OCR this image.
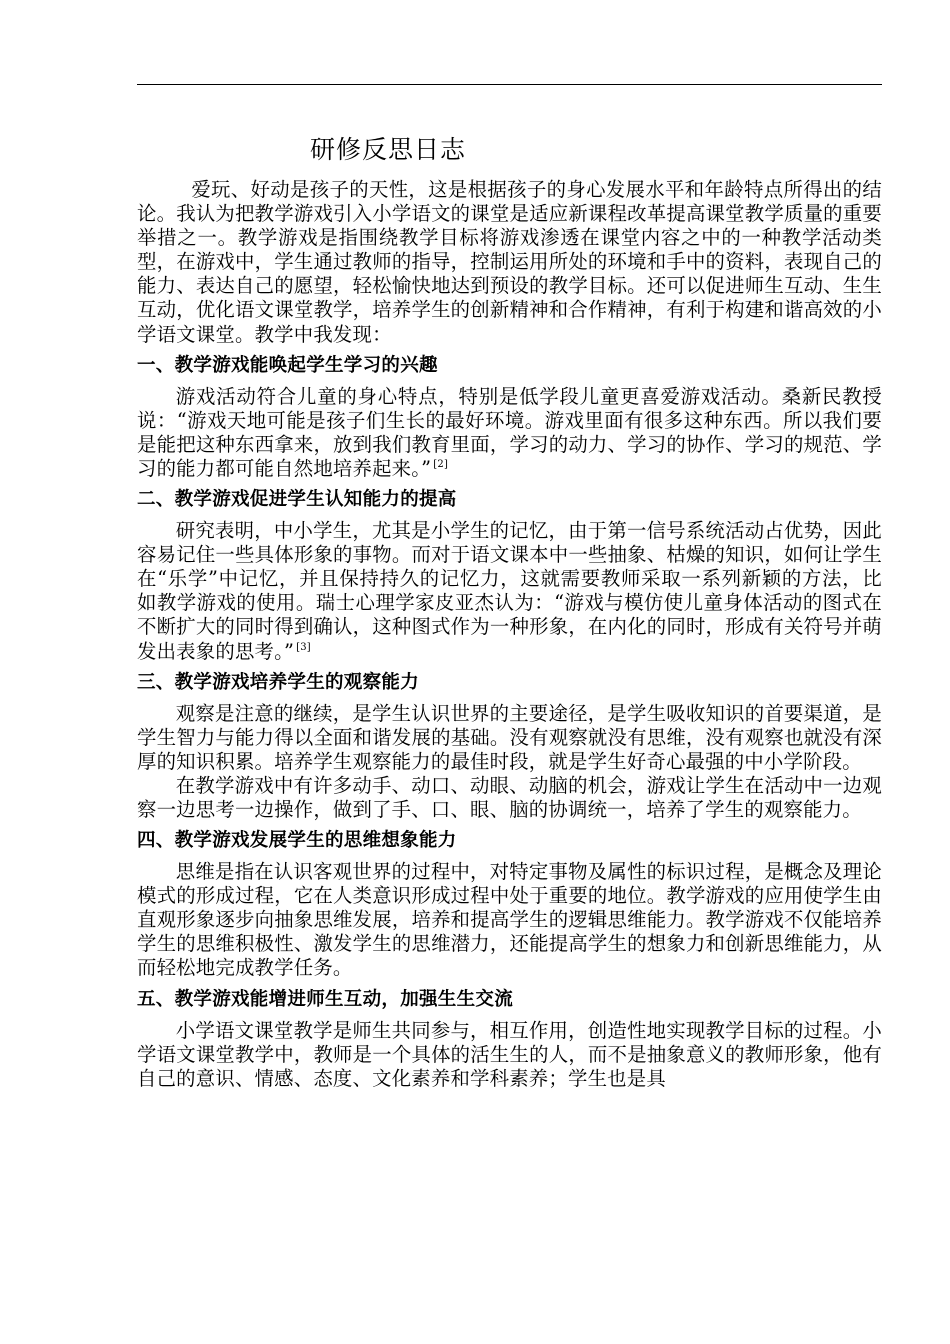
研修反思日志

爱玩、好动是孩子的天性，这是根据孩子的身心发展水平和年龄特点所得出的结论。我认为把教学游戏引入小学语文的课堂是适应新课程改革提高课堂教学质量的重要举措之一。教学游戏是指围绕教学目标将游戏渗透在课堂内容之中的一种教学活动类型，在游戏中，学生通过教师的指导，控制运用所处的环境和手中的资料，表现自己的能力、表达自己的愿望，轻松愉快地达到预设的教学目标。还可以促进师生互动、生生互动，优化语文课堂教学，培养学生的创新精神和合作精神，有利于构建和谐高效的小学语文课堂。教学中我发现：

一、教学游戏能唤起学生学习的兴趣

游戏活动符合儿童的身心特点，特别是低学段儿童更喜爱游戏活动。桑新民教授说：“游戏天地可能是孩子们生长的最好环境。游戏里面有很多这种东西。所以我们要是能把这种东西拿来，放到我们教育里面，学习的动力、学习的协作、学习的规范、学习的能力都可能自然地培养起来。” [2]

二、教学游戏促进学生认知能力的提高

研究表明，中小学生，尤其是小学生的记忆，由于第一信号系统活动占优势，因此容易记住一些具体形象的事物。而对于语文课本中一些抽象、枯燥的知识，如何让学生在“乐学”中记忆，并且保持持久的记忆力，这就需要教师采取一系列新颖的方法，比如教学游戏的使用。瑞士心理学家皮亚杰认为：“游戏与模仿使儿童身体活动的图式在不断扩大的同时得到确认，这种图式作为一种形象，在内化的同时，形成有关符号并萌发出表象的思考。” [3]

三、教学游戏培养学生的观察能力

观察是注意的继续，是学生认识世界的主要途径，是学生吸收知识的首要渠道，是学生智力与能力得以全面和谐发展的基础。没有观察就没有思维，没有观察也就没有深厚的知识积累。培养学生观察能力的最佳时段，就是学生好奇心最强的中小学阶段。

在教学游戏中有许多动手、动口、动眼、动脑的机会，游戏让学生在活动中一边观察一边思考一边操作，做到了手、口、眼、脑的协调统一，培养了学生的观察能力。

四、教学游戏发展学生的思维想象能力

思维是指在认识客观世界的过程中，对特定事物及属性的标识过程，是概念及理论模式的形成过程，它在人类意识形成过程中处于重要的地位。教学游戏的应用使学生由直观形象逐步向抽象思维发展，培养和提高学生的逻辑思维能力。教学游戏不仅能培养学生的思维积极性、激发学生的思维潜力，还能提高学生的想象力和创新思维能力，从而轻松地完成教学任务。

五、教学游戏能增进师生互动，加强生生交流

小学语文课堂教学是师生共同参与，相互作用，创造性地实现教学目标的过程。小学语文课堂教学中，教师是一个具体的活生生的人，而不是抽象意义的教师形象，他有自己的意识、情感、态度、文化素养和学科素养；学生也是具
